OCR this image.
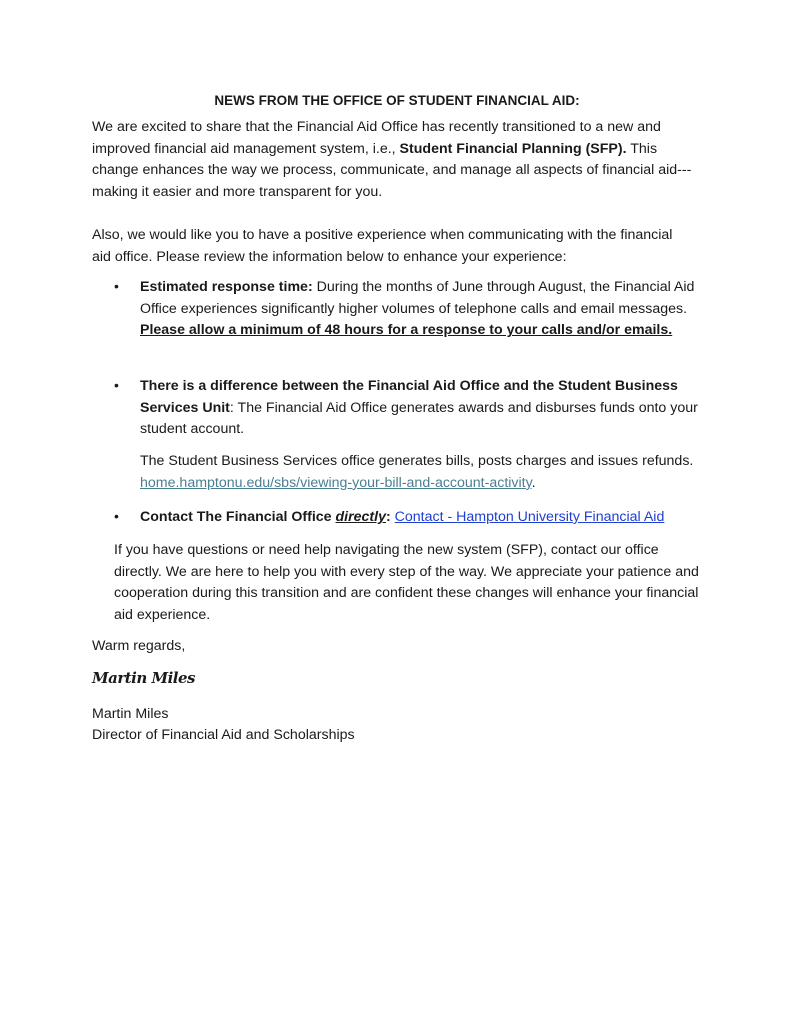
NEWS FROM THE OFFICE OF STUDENT FINANCIAL AID:

We are excited to share that the Financial Aid Office has recently transitioned to a new and improved financial aid management system, i.e., Student Financial Planning (SFP). This change enhances the way we process, communicate, and manage all aspects of financial aid---making it easier and more transparent for you.

Also, we would like you to have a positive experience when communicating with the financial aid office. Please review the information below to enhance your experience:

• Estimated response time: During the months of June through August, the Financial Aid Office experiences significantly higher volumes of telephone calls and email messages. Please allow a minimum of 48 hours for a response to your calls and/or emails.

• There is a difference between the Financial Aid Office and the Student Business Services Unit: The Financial Aid Office generates awards and disburses funds onto your student account.

The Student Business Services office generates bills, posts charges and issues refunds. home.hamptonu.edu/sbs/viewing-your-bill-and-account-activity.

• Contact The Financial Office directly: Contact - Hampton University Financial Aid

If you have questions or need help navigating the new system (SFP), contact our office directly. We are here to help you with every step of the way. We appreciate your patience and cooperation during this transition and are confident these changes will enhance your financial aid experience.

Warm regards,

Martin Miles

Martin Miles

Director of Financial Aid and Scholarships
